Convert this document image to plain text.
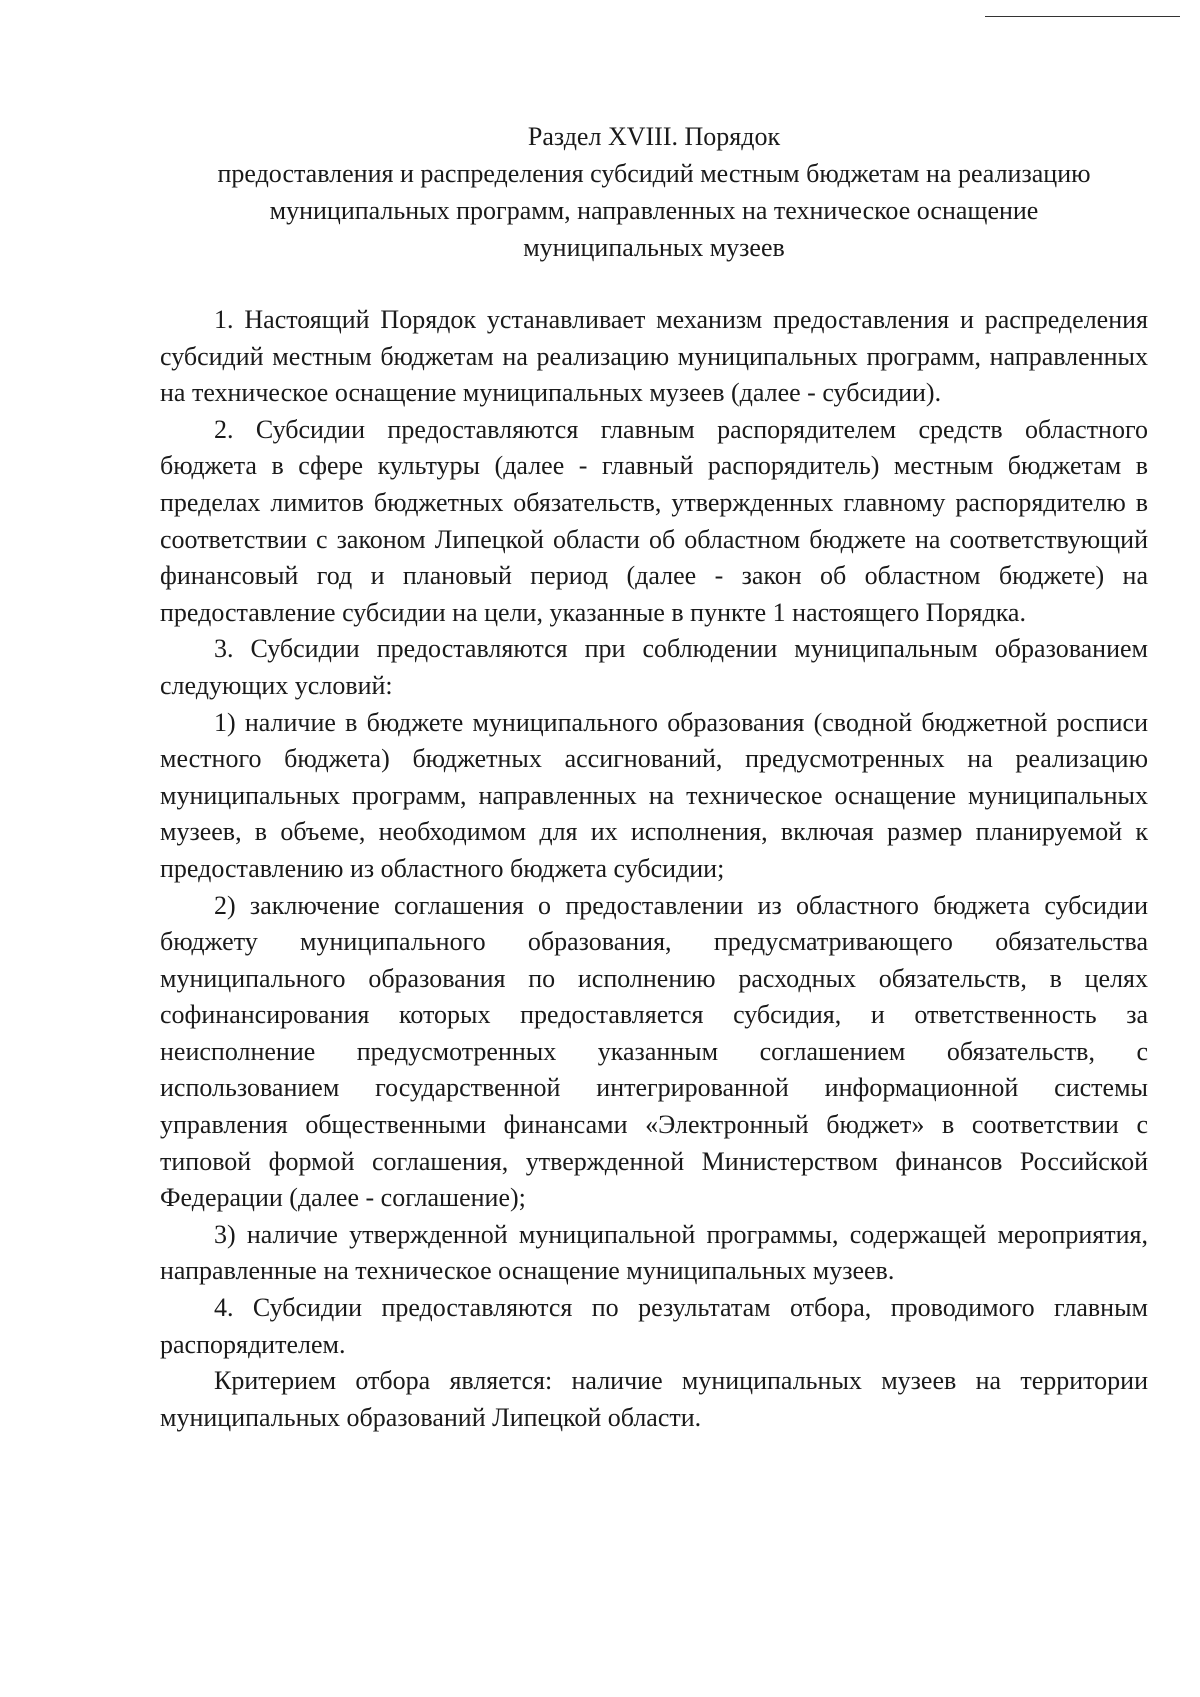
Раздел XVIII. Порядок
предоставления и распределения субсидий местным бюджетам на реализацию
муниципальных программ, направленных на техническое оснащение
муниципальных музеев

1. Настоящий Порядок устанавливает механизм предоставления и распределения субсидий местным бюджетам на реализацию муниципальных программ, направленных на техническое оснащение муниципальных музеев (далее - субсидии).

2. Субсидии предоставляются главным распорядителем средств областного бюджета в сфере культуры (далее - главный распорядитель) местным бюджетам в пределах лимитов бюджетных обязательств, утвержденных главному распорядителю в соответствии с законом Липецкой области об областном бюджете на соответствующий финансовый год и плановый период (далее - закон об областном бюджете) на предоставление субсидии на цели, указанные в пункте 1 настоящего Порядка.

3. Субсидии предоставляются при соблюдении муниципальным образованием следующих условий:

1) наличие в бюджете муниципального образования (сводной бюджетной росписи местного бюджета) бюджетных ассигнований, предусмотренных на реализацию муниципальных программ, направленных на техническое оснащение муниципальных музеев, в объеме, необходимом для их исполнения, включая размер планируемой к предоставлению из областного бюджета субсидии;

2) заключение соглашения о предоставлении из областного бюджета субсидии бюджету муниципального образования, предусматривающего обязательства муниципального образования по исполнению расходных обязательств, в целях софинансирования которых предоставляется субсидия, и ответственность за неисполнение предусмотренных указанным соглашением обязательств, с использованием государственной интегрированной информационной системы управления общественными финансами «Электронный бюджет» в соответствии с типовой формой соглашения, утвержденной Министерством финансов Российской Федерации (далее - соглашение);

3) наличие утвержденной муниципальной программы, содержащей мероприятия, направленные на техническое оснащение муниципальных музеев.

4. Субсидии предоставляются по результатам отбора, проводимого главным распорядителем.

Критерием отбора является: наличие муниципальных музеев на территории муниципальных образований Липецкой области.
